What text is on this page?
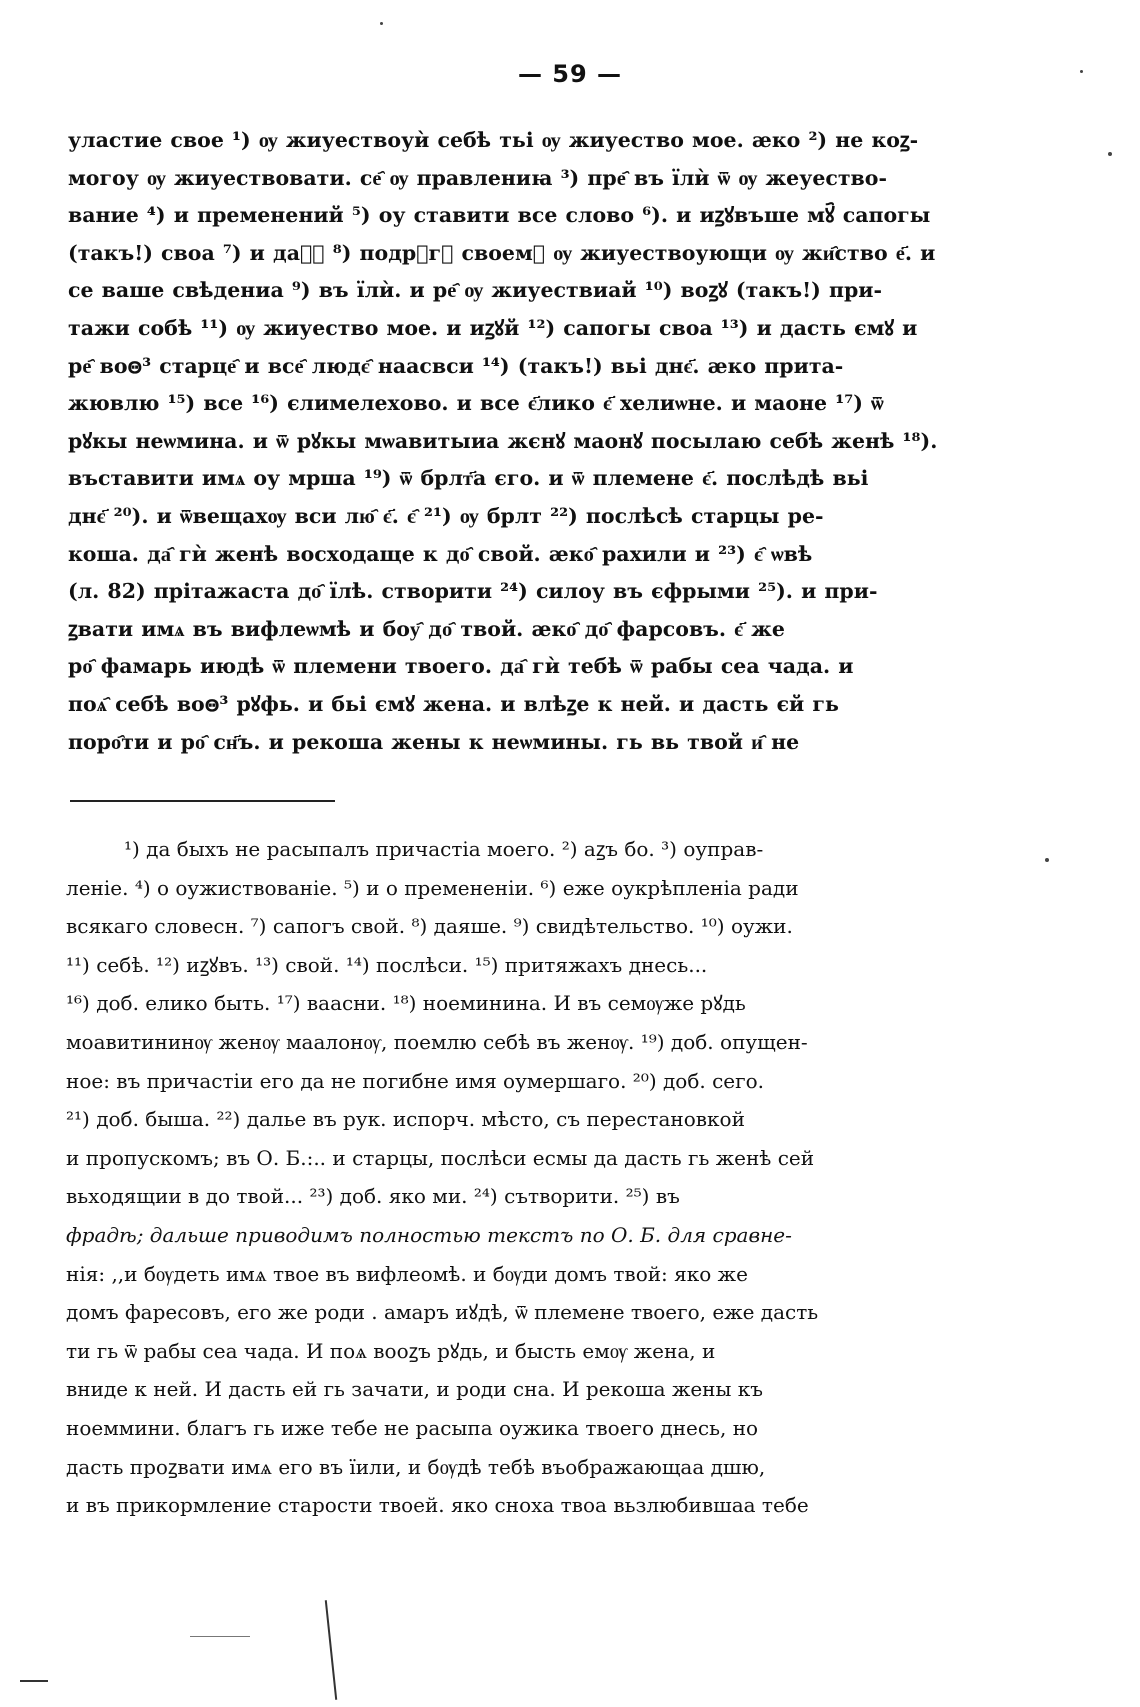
— 59 —
уластие свое ¹) ѹ жиуествоуѝ себѣ тьі ѹ жиуество мое. ӕко ²) не коꙁ-
могоу ѹ жиуествовати. се҄ ѹ правлениꙗ ³) пре҄ въ їлѝ ѿ ѹ жеуество-
вание ⁴) и пременений ⁵) оу ставити все слово ⁶). и иꙁꙋвъше мꙋ҄ сапогы
(такъ!) своа ⁷) и даⷭ҇ ⁸) подрꙋгꙋ своемꙋ ѹ жиуествоующи ѹ жи҄ство е҃. и
се ваше свѣдениа ⁹) въ їлѝ. и ре҄ ѹ жиуествиай ¹⁰) воꙁꙋ (такъ!) при-
тажи собѣ ¹¹) ѹ жиуество мое. и иꙁꙋй ¹²) сапогы своа ¹³) и дасть ємꙋ и
ре҄ воꙫ³ старце҄ и все҄ людє҄ наасвси ¹⁴) (такъ!) вьі днє҃. ӕко прита-
жювлю ¹⁵) все ¹⁶) єлимелехово. и все є҃лико є҃ хелиѡне. и маоне ¹⁷) ѿ
рꙋкы неѡмина. и ѿ рꙋкы мѡавитыиа жєнꙋ маонꙋ посылаю себѣ женѣ ¹⁸).
въставити имѧ оу мрша ¹⁹) ѿ брлт҃а єго. и ѿ племене є҃. послѣдѣ вьі
днє҃ ²⁰). и ѿвещахѹ вси лю҄ є҃. є҄ ²¹) ѹ брлт ²²) послѣсѣ старцы ре-
коша. да҄ гѝ женѣ восходаще к до҄ свой. ӕко҄ рахили и ²³) є҄ ѡвѣ
(л. 82) прітажаста до҄ їлѣ. створити ²⁴) силоу въ єфрыми ²⁵). и при-
ꙁвати имѧ въ вифлеѡмѣ и боу҄ до҄ твой. ӕко҄ до҄ фарсовъ. є҃ же
ро҄ фамарь июдѣ ѿ племени твоего. да҄ гѝ тебѣ ѿ рабы сеа чада. и
поѧ҄ себѣ воꙫ³ рꙋфь. и бьі ємꙋ жена. и влѣꙁе к ней. и дасть єй гь
поро҄ти и ро҄ сн҃ъ. и рекоша жены к неѡмины. гь вь твой и҄ не
¹) да быхъ не расыпалъ причастіа моего. ²) аꙁъ бо. ³) оуправ-
леніе. ⁴) о оужиствованіе. ⁵) и о премененіи. ⁶) еже оукрѣпленіа ради
всякаго словесн. ⁷) сапогъ свой. ⁸) даяше. ⁹) свидѣтельство. ¹⁰) оужи.
¹¹) себѣ. ¹²) иꙁꙋвъ. ¹³) свой. ¹⁴) послѣси. ¹⁵) притяжахъ днесь...
¹⁶) доб. елико быть. ¹⁷) ваасни. ¹⁸) ноеминина. И въ семѹже рꙋдь
моавитининѹ женѹ маалонѹ, поемлю себѣ въ женѹ. ¹⁹) доб. опущен-
ное: въ причастіи его да не погибне имя оумершаго. ²⁰) доб. сего.
²¹) доб. быша. ²²) далье въ рук. испорч. мѣсто, съ перестановкой
и пропускомъ; въ О. Б.:.. и старцы, послѣси есмы да дасть гь женѣ сей
вьходящии в до твой... ²³) доб. яко ми. ²⁴) сътворити. ²⁵) въ
фрадѣ; дальше приводимъ полностью текстъ по О. Б. для сравне-
нія: ,,и бѹдеть имѧ твое въ вифлеомѣ. и бѹди домъ твой: яко же
домъ фаресовъ, его же роди . амаръ иꙋдѣ, ѿ племене твоего, еже дасть
ти гь ѿ рабы сеа чада. И поѧ вооꙁъ рꙋдь, и бысть емѹ жена, и
вниде к ней. И дасть ей гь зачати, и роди сна. И рекоша жены къ
ноеммини. благъ гь иже тебе не расыпа оужика твоего днесь, но
дасть проꙁвати имѧ его въ їили, и бѹдѣ тебѣ въображающаа дшю,
и въ прикормлениe старости твоей. яко снохa твоа вьзлюбившаа тебе
